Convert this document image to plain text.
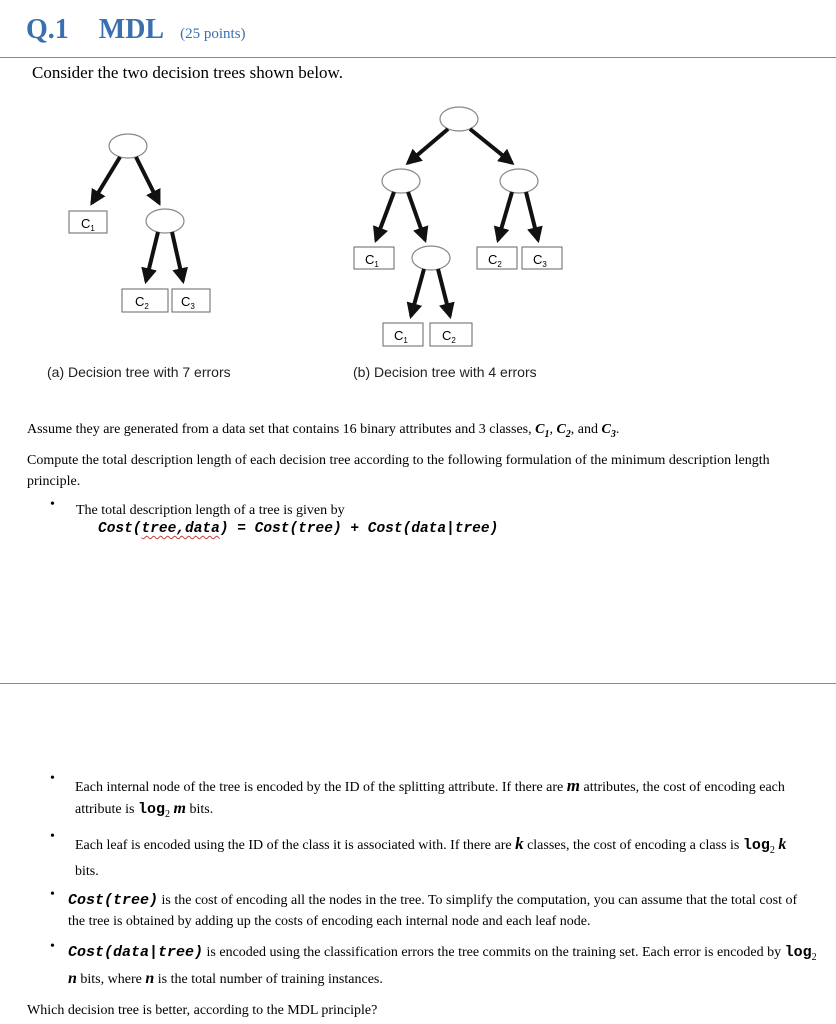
Q.1 MDL (25 points)
Consider the two decision trees shown below.
$C_1$
$C_2$ $C_3$
(a) Decision tree with 7 errors
$C_1$	$C_2$ $C_3$
$C_1$	$C_2$
(b) Decision tree with 4 errors
Assume they are generated from a data set that contains 16 binary attributes and 3 classes, $C_1$, $C_2$, and $C_3$.
Compute the total description length of each decision tree according to the following formulation of the minimum description length principle.
• The total description length of a tree is given by
Cost(tree,data) = Cost(tree) + Cost(data|tree)
•
Each internal node of the tree is encoded by the ID of the splitting attribute. If there are m attributes, the cost of encoding each attribute is $\log_2 m$ bits.
•
Each leaf is encoded using the ID of the class it is associated with. If there are k classes, the cost of encoding a class is $\log_2 k$ bits.
• Cost(tree) is the cost of encoding all the nodes in the tree. To simplify the computation, you can assume that the total cost of the tree is obtained by adding up the costs of encoding each internal node and each leaf node.
• Cost(data|tree) is encoded using the classification errors the tree commits on the training set. Each error is encoded by $\log_2 n$ bits, where n is the total number of training instances.
Which decision tree is better, according to the MDL principle?
